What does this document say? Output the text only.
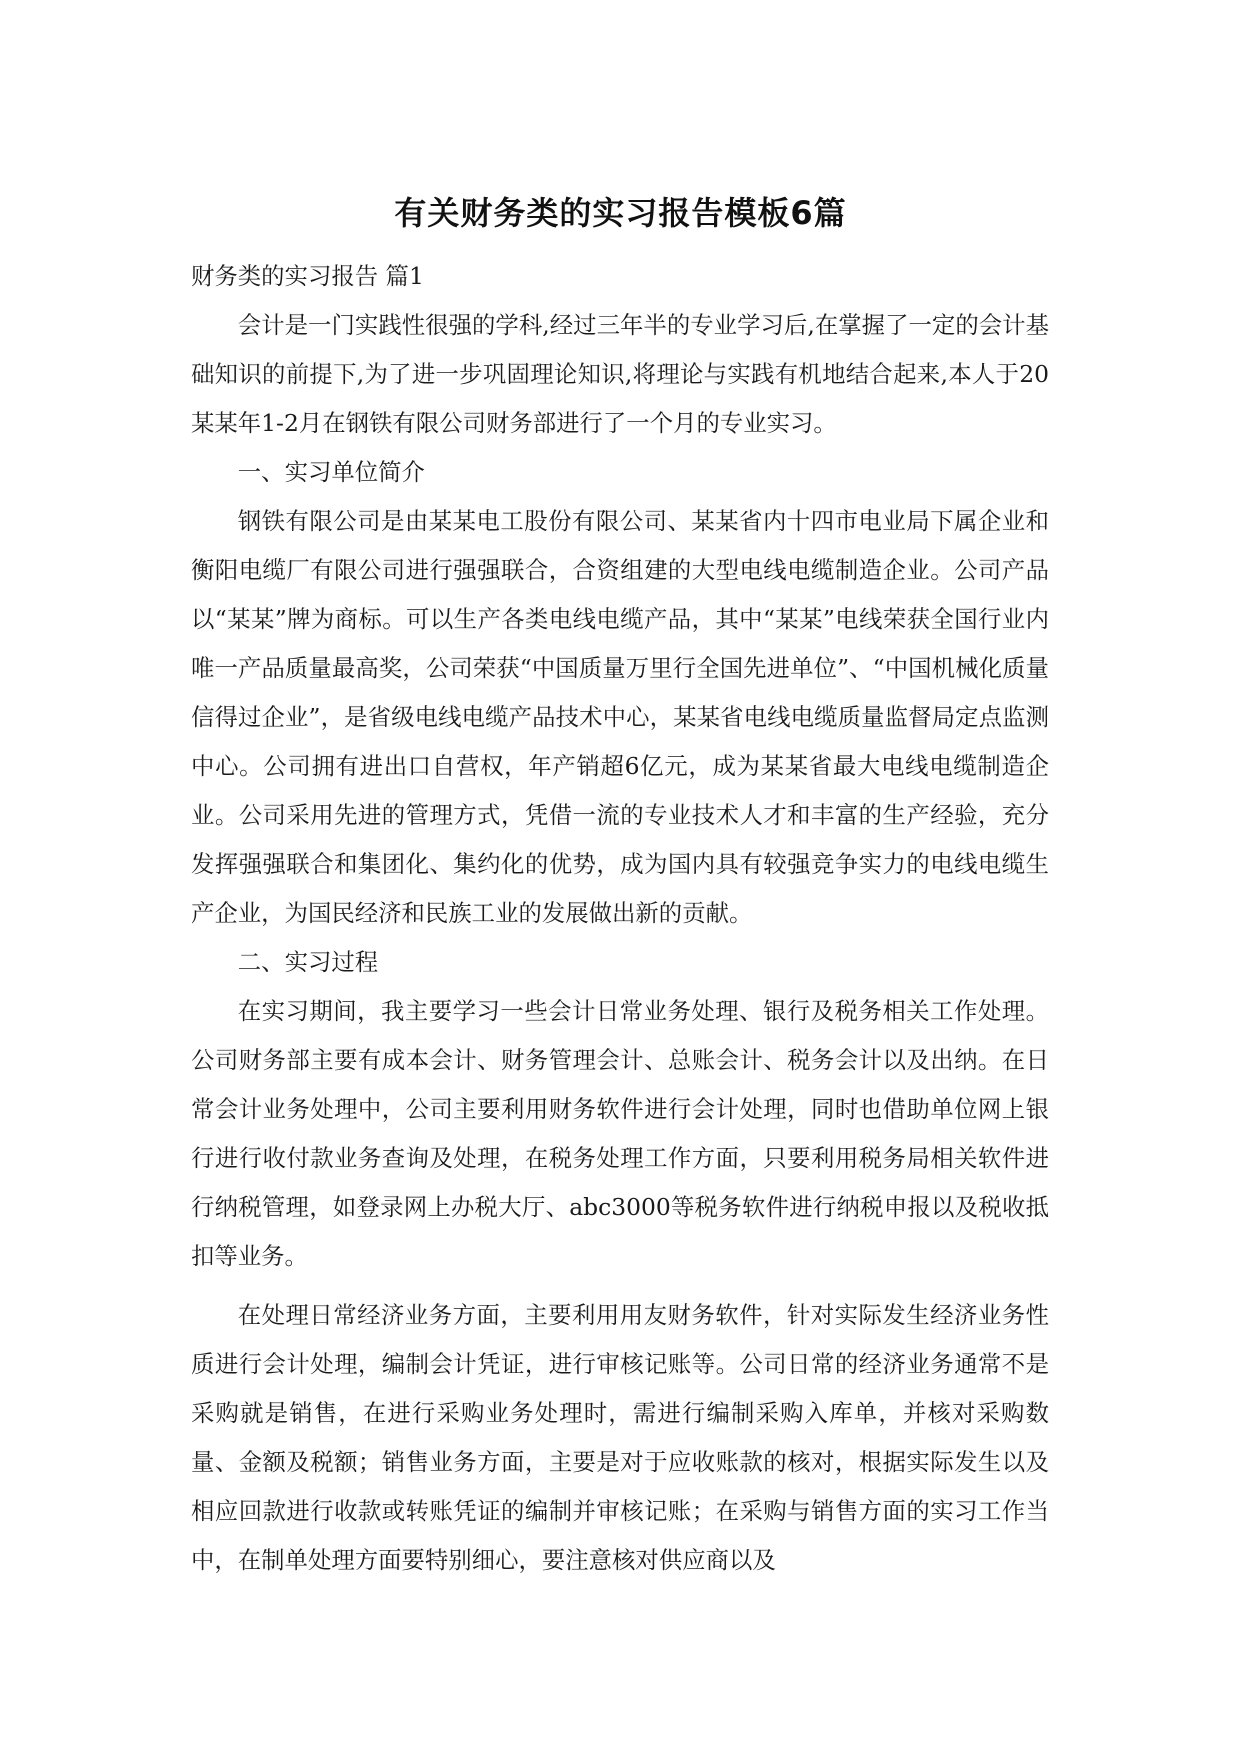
有关财务类的实习报告模板6篇

财务类的实习报告 篇1

会计是一门实践性很强的学科,经过三年半的专业学习后,在掌握了一定的会计基础知识的前提下,为了进一步巩固理论知识,将理论与实践有机地结合起来,本人于20某某年1-2月在钢铁有限公司财务部进行了一个月的专业实习。

一、实习单位简介

钢铁有限公司是由某某电工股份有限公司、某某省内十四市电业局下属企业和衡阳电缆厂有限公司进行强强联合，合资组建的大型电线电缆制造企业。公司产品以“某某”牌为商标。可以生产各类电线电缆产品，其中“某某”电线荣获全国行业内唯一产品质量最高奖，公司荣获“中国质量万里行全国先进单位”、“中国机械化质量信得过企业”，是省级电线电缆产品技术中心，某某省电线电缆质量监督局定点监测中心。公司拥有进出口自营权，年产销超6亿元，成为某某省最大电线电缆制造企业。公司采用先进的管理方式，凭借一流的专业技术人才和丰富的生产经验，充分发挥强强联合和集团化、集约化的优势，成为国内具有较强竞争实力的电线电缆生产企业，为国民经济和民族工业的发展做出新的贡献。

二、实习过程

在实习期间，我主要学习一些会计日常业务处理、银行及税务相关工作处理。公司财务部主要有成本会计、财务管理会计、总账会计、税务会计以及出纳。在日常会计业务处理中，公司主要利用财务软件进行会计处理，同时也借助单位网上银行进行收付款业务查询及处理，在税务处理工作方面，只要利用税务局相关软件进行纳税管理，如登录网上办税大厅、abc3000等税务软件进行纳税申报以及税收抵扣等业务。

在处理日常经济业务方面，主要利用用友财务软件，针对实际发生经济业务性质进行会计处理，编制会计凭证，进行审核记账等。公司日常的经济业务通常不是采购就是销售，在进行采购业务处理时，需进行编制采购入库单，并核对采购数量、金额及税额；销售业务方面，主要是对于应收账款的核对，根据实际发生以及相应回款进行收款或转账凭证的编制并审核记账；在采购与销售方面的实习工作当中，在制单处理方面要特别细心，要注意核对供应商以及
